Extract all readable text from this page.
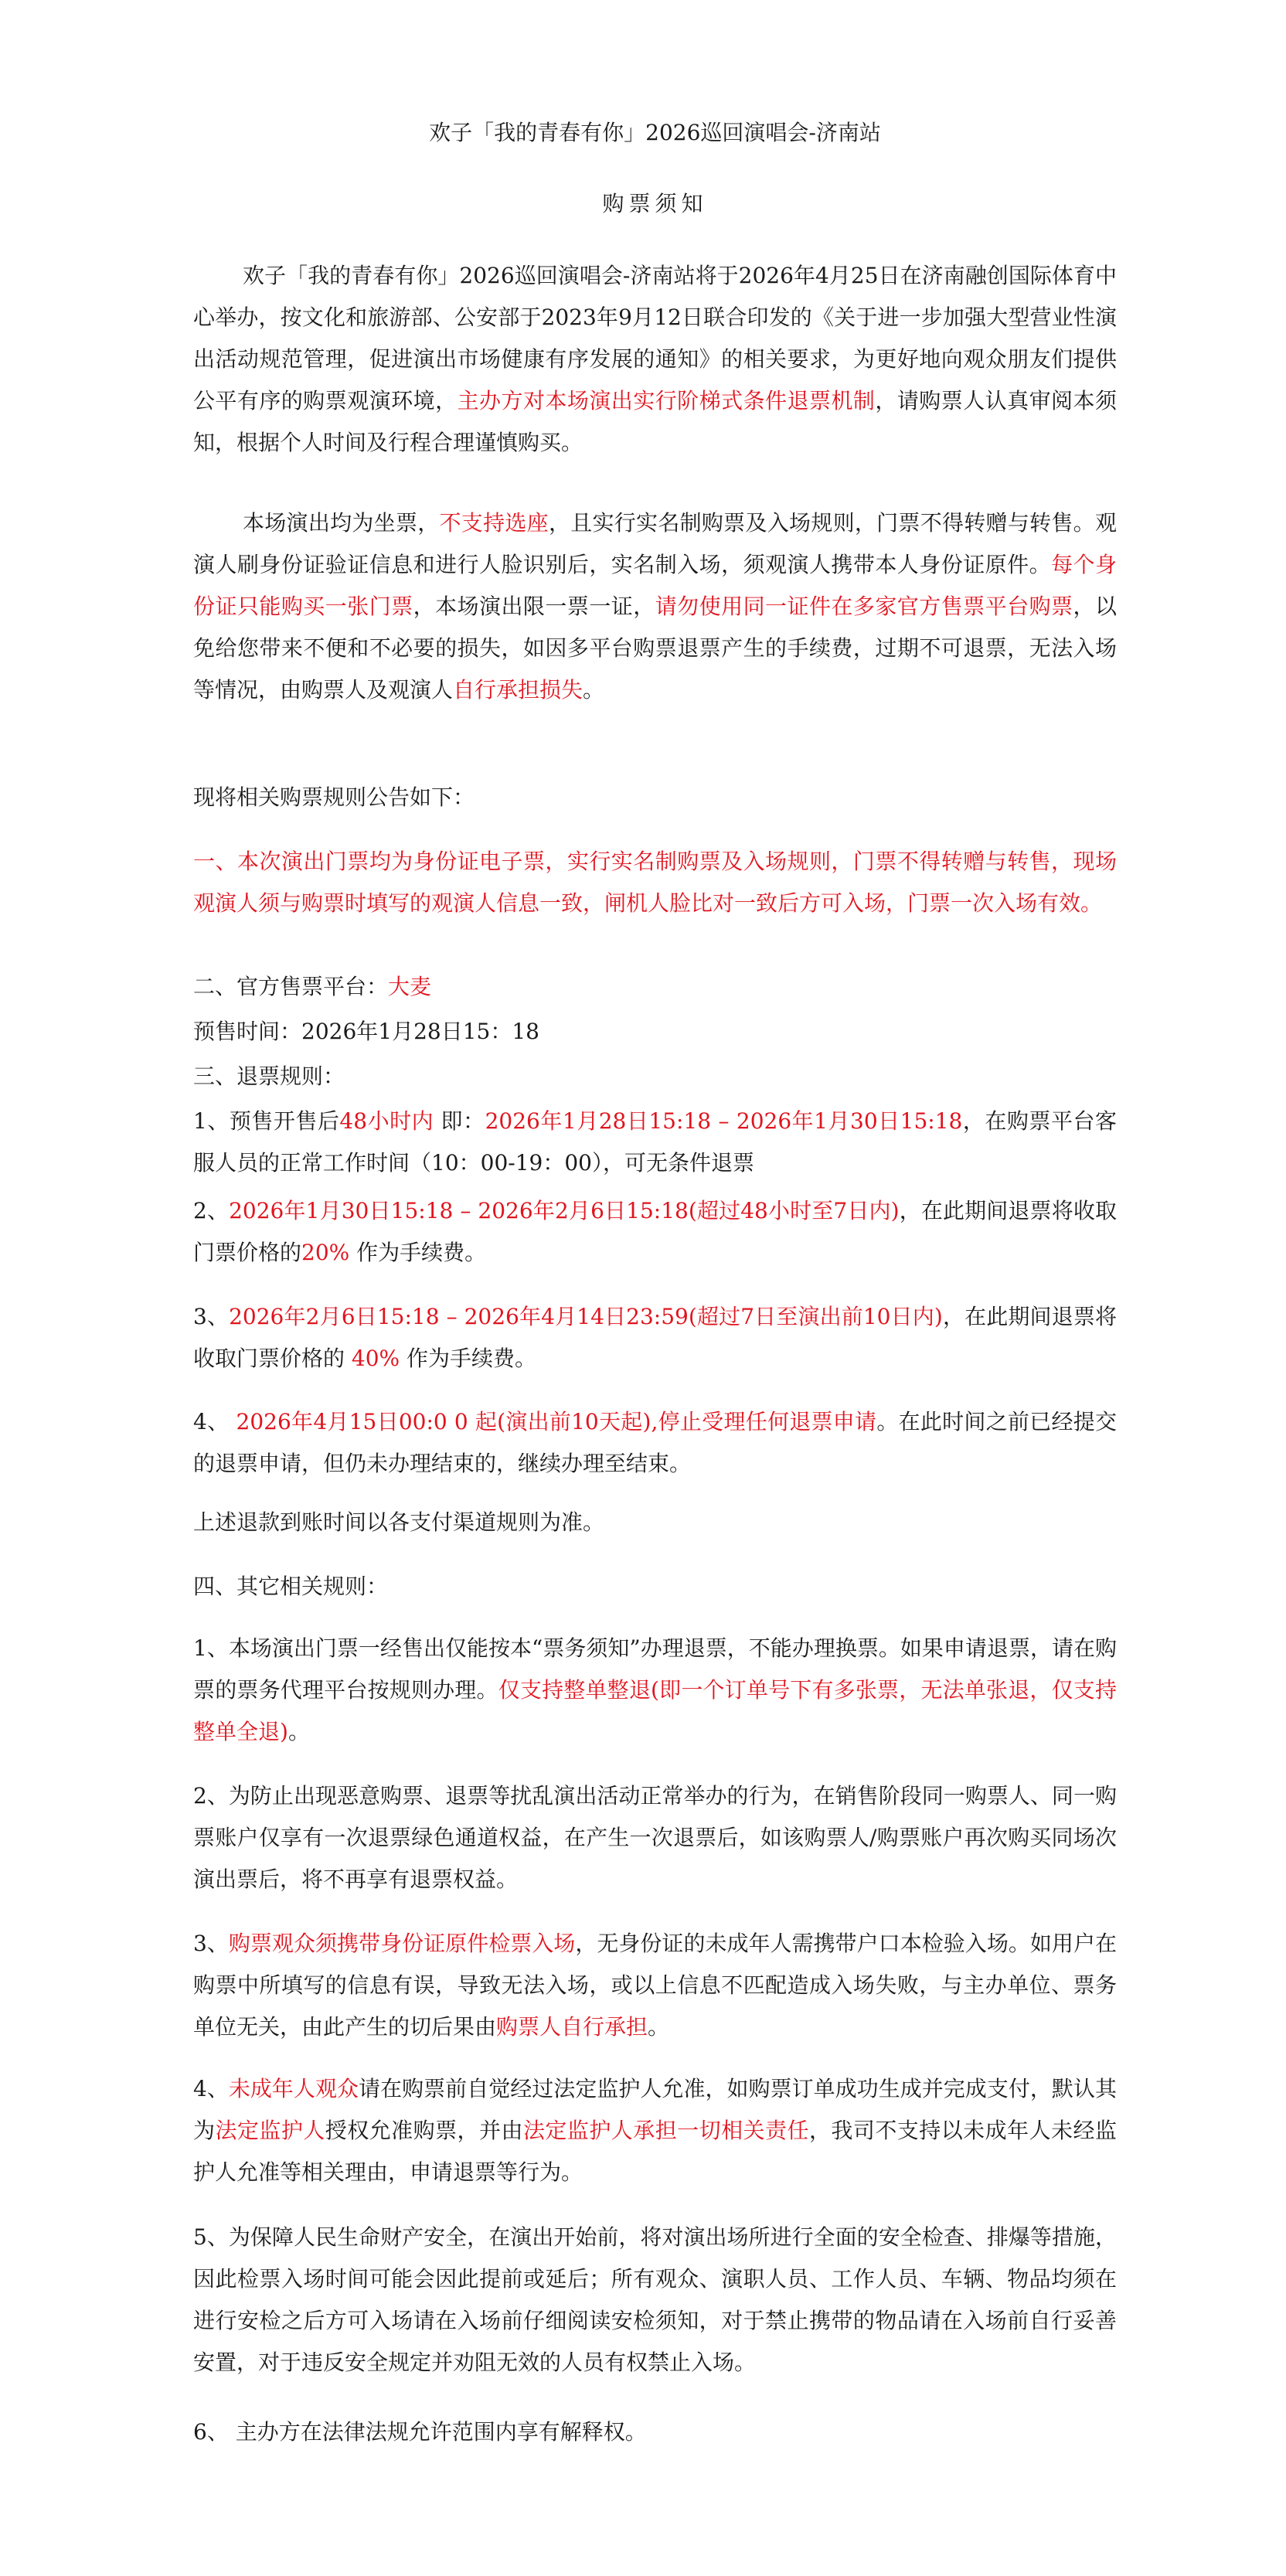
欢子「我的青春有你」2026巡回演唱会-济南站
购票须知

欢子「我的青春有你」2026巡回演唱会-济南站将于2026年4月25日在济南融创国际体育中心举办，按文化和旅游部、公安部于2023年9月12日联合印发的《关于进一步加强大型营业性演出活动规范管理，促进演出市场健康有序发展的通知》的相关要求，为更好地向观众朋友们提供公平有序的购票观演环境，主办方对本场演出实行阶梯式条件退票机制，请购票人认真审阅本须知，根据个人时间及行程合理谨慎购买。

本场演出均为坐票，不支持选座，且实行实名制购票及入场规则，门票不得转赠与转售。观演人刷身份证验证信息和进行人脸识别后，实名制入场，须观演人携带本人身份证原件。每个身份证只能购买一张门票，本场演出限一票一证，请勿使用同一证件在多家官方售票平台购票，以免给您带来不便和不必要的损失，如因多平台购票退票产生的手续费，过期不可退票，无法入场等情况，由购票人及观演人自行承担损失。

现将相关购票规则公告如下：

一、本次演出门票均为身份证电子票，实行实名制购票及入场规则，门票不得转赠与转售，现场观演人须与购票时填写的观演人信息一致，闸机人脸比对一致后方可入场，门票一次入场有效。

二、官方售票平台：大麦

预售时间：2026年1月28日15：18

三、退票规则：

1、预售开售后48小时内 即：2026年1月28日15:18 – 2026年1月30日15:18，在购票平台客服人员的正常工作时间（10：00-19：00），可无条件退票

2、2026年1月30日15:18 – 2026年2月6日15:18(超过48小时至7日内)，在此期间退票将收取门票价格的20% 作为手续费。

3、2026年2月6日15:18 – 2026年4月14日23:59(超过7日至演出前10日内)，在此期间退票将收取门票价格的 40% 作为手续费。

4、 2026年4月15日00:0 0 起(演出前10天起),停止受理任何退票申请。在此时间之前已经提交的退票申请，但仍未办理结束的，继续办理至结束。

上述退款到账时间以各支付渠道规则为准。

四、其它相关规则：

1、本场演出门票一经售出仅能按本“票务须知”办理退票，不能办理换票。如果申请退票，请在购票的票务代理平台按规则办理。仅支持整单整退(即一个订单号下有多张票，无法单张退，仅支持整单全退)。

2、为防止出现恶意购票、退票等扰乱演出活动正常举办的行为，在销售阶段同一购票人、同一购票账户仅享有一次退票绿色通道权益，在产生一次退票后，如该购票人/购票账户再次购买同场次演出票后，将不再享有退票权益。

3、购票观众须携带身份证原件检票入场，无身份证的未成年人需携带户口本检验入场。如用户在购票中所填写的信息有误，导致无法入场，或以上信息不匹配造成入场失败，与主办单位、票务单位无关，由此产生的切后果由购票人自行承担。

4、未成年人观众请在购票前自觉经过法定监护人允准，如购票订单成功生成并完成支付，默认其为法定监护人授权允准购票，并由法定监护人承担一切相关责任，我司不支持以未成年人未经监护人允准等相关理由，申请退票等行为。

5、为保障人民生命财产安全，在演出开始前，将对演出场所进行全面的安全检查、排爆等措施，因此检票入场时间可能会因此提前或延后；所有观众、演职人员、工作人员、车辆、物品均须在进行安检之后方可入场请在入场前仔细阅读安检须知，对于禁止携带的物品请在入场前自行妥善安置，对于违反安全规定并劝阻无效的人员有权禁止入场。

6、 主办方在法律法规允许范围内享有解释权。
